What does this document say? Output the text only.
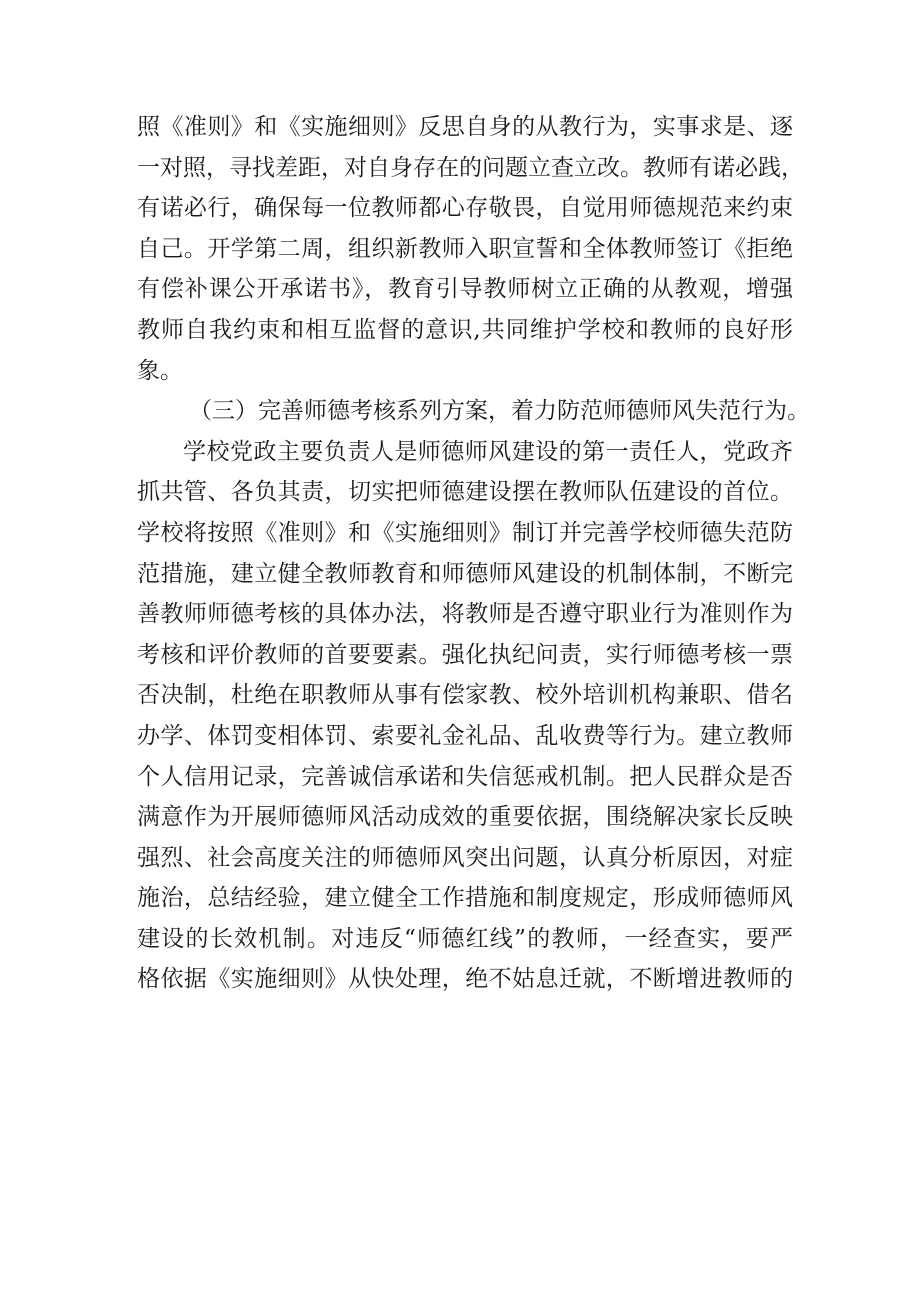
照《准则》和《实施细则》反思自身的从教行为，实事求是、逐
一对照，寻找差距，对自身存在的问题立查立改。教师有诺必践，
有诺必行，确保每一位教师都心存敬畏，自觉用师德规范来约束
自己。开学第二周，组织新教师入职宣誓和全体教师签订《拒绝
有偿补课公开承诺书》，教育引导教师树立正确的从教观，增强
教师自我约束和相互监督的意识,共同维护学校和教师的良好形
象。
（三）完善师德考核系列方案，着力防范师德师风失范行为。
学校党政主要负责人是师德师风建设的第一责任人，党政齐
抓共管、各负其责，切实把师德建设摆在教师队伍建设的首位。
学校将按照《准则》和《实施细则》制订并完善学校师德失范防
范措施，建立健全教师教育和师德师风建设的机制体制，不断完
善教师师德考核的具体办法，将教师是否遵守职业行为准则作为
考核和评价教师的首要要素。强化执纪问责，实行师德考核一票
否决制，杜绝在职教师从事有偿家教、校外培训机构兼职、借名
办学、体罚变相体罚、索要礼金礼品、乱收费等行为。建立教师
个人信用记录，完善诚信承诺和失信惩戒机制。把人民群众是否
满意作为开展师德师风活动成效的重要依据，围绕解决家长反映
强烈、社会高度关注的师德师风突出问题，认真分析原因，对症
施治，总结经验，建立健全工作措施和制度规定，形成师德师风
建设的长效机制。对违反“师德红线”的教师，一经查实，要严
格依据《实施细则》从快处理，绝不姑息迁就，不断增进教师的
